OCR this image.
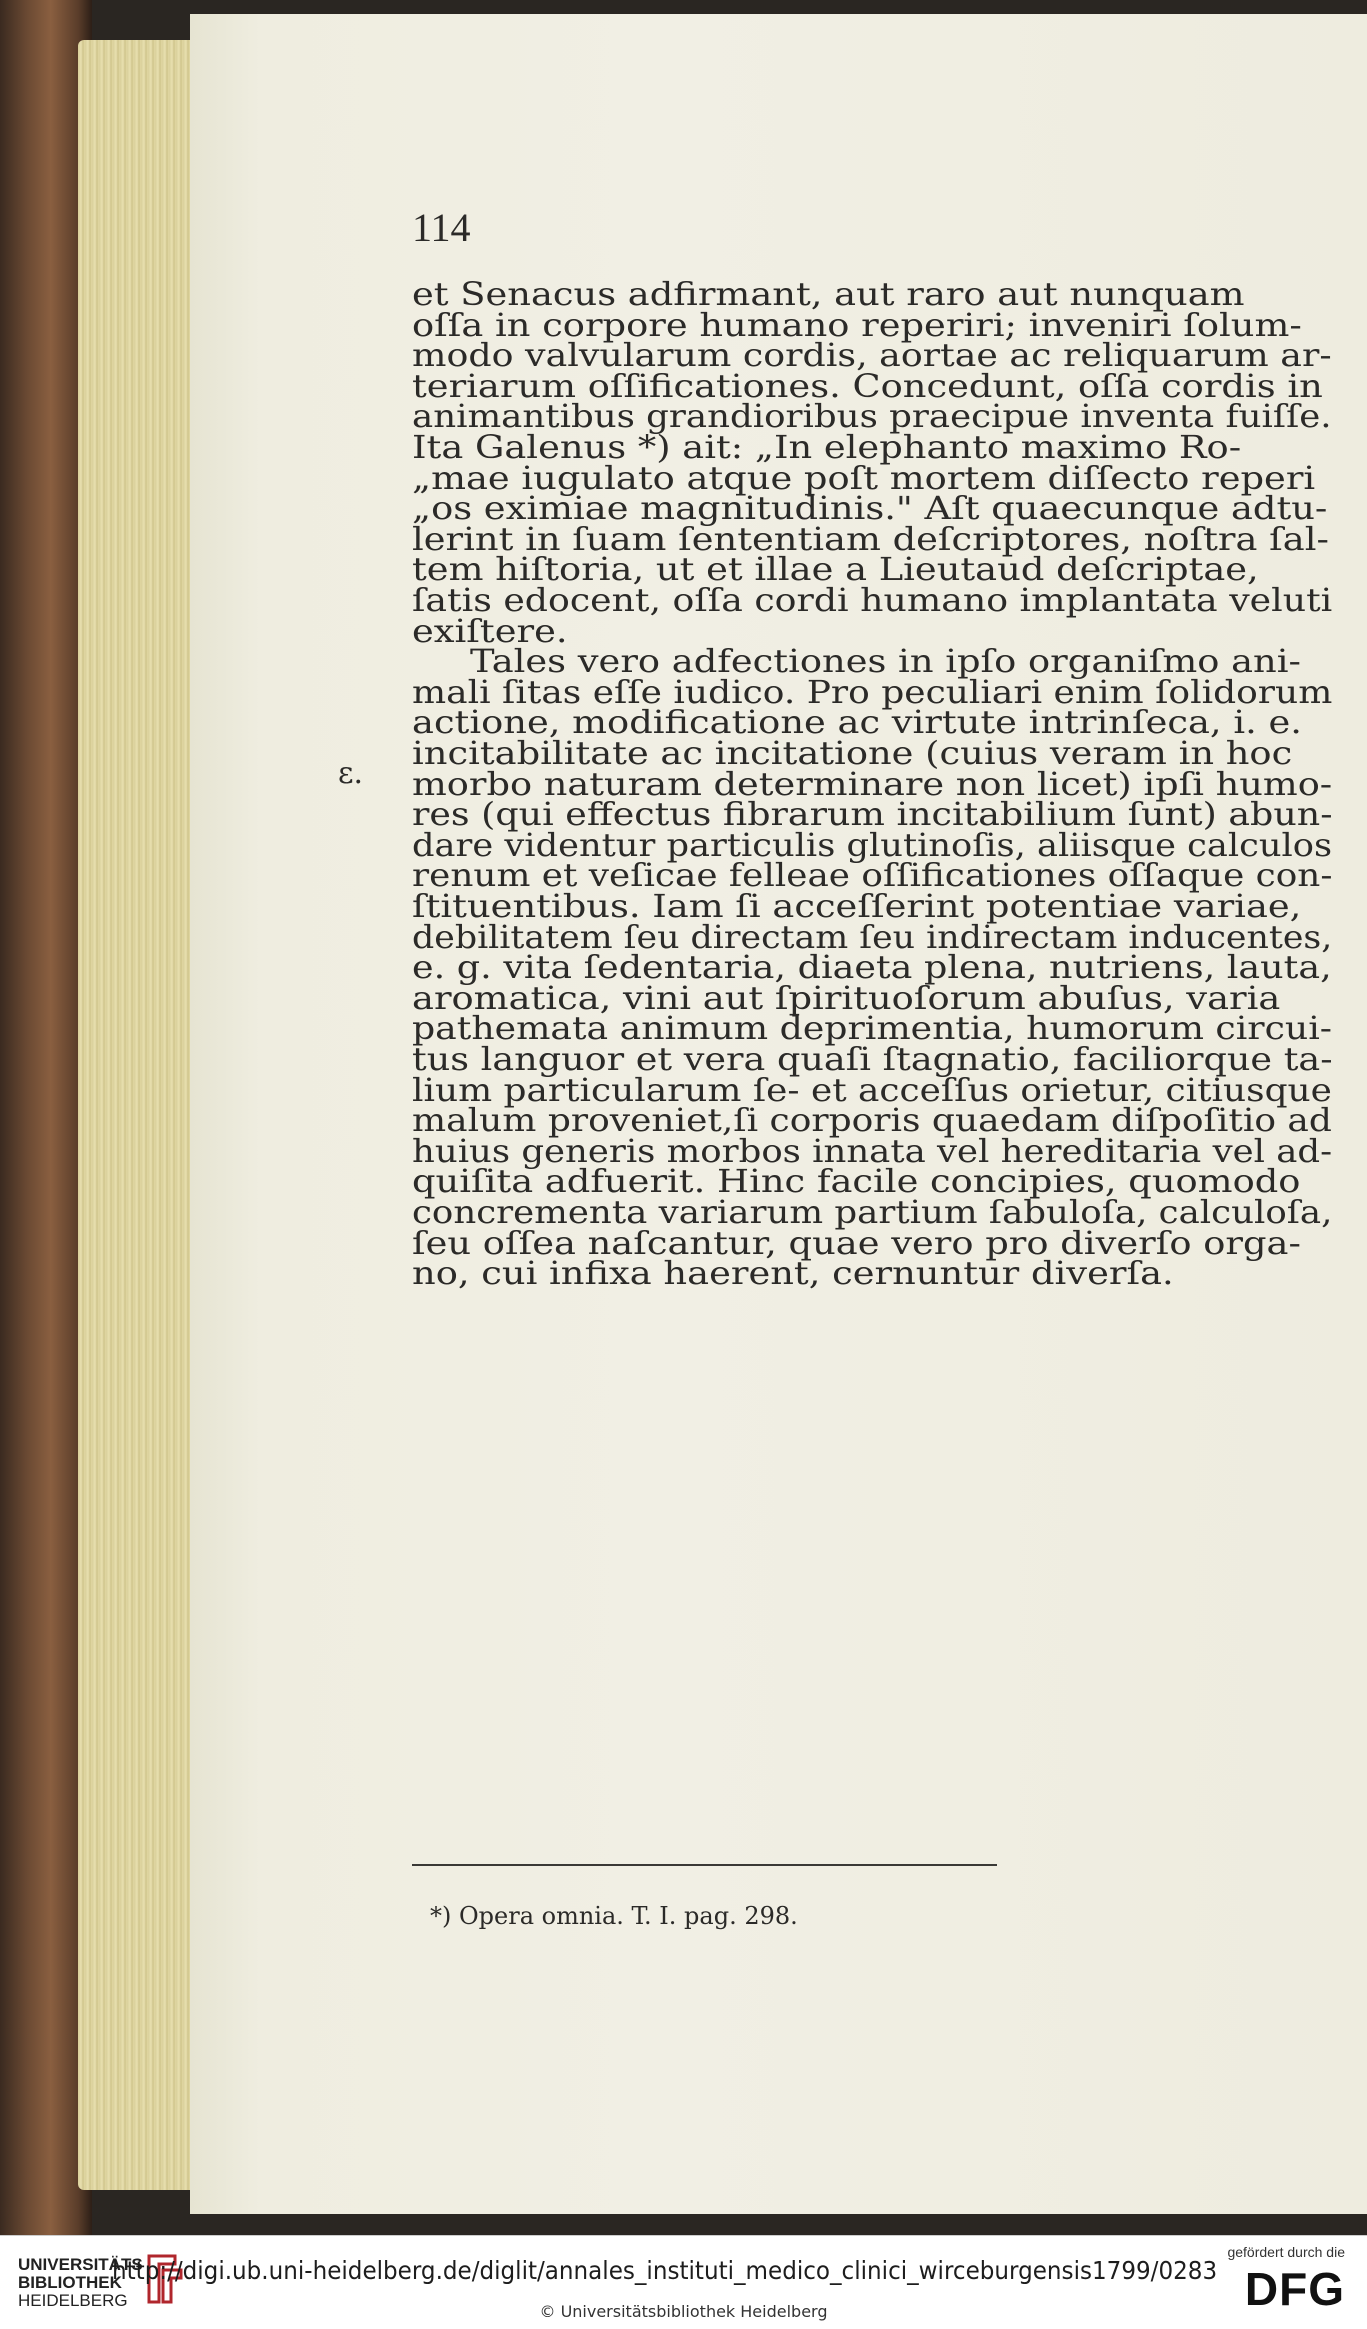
114
et Senacus adfirmant, aut raro aut nunquam
oſſa in corpore humano reperiri; inveniri ſolum-
modo valvularum cordis, aortae ac reliquarum ar-
teriarum oſſificationes. Concedunt, oſſa cordis in
animantibus grandioribus praecipue inventa fuiſſe.
Ita Galenus *) ait: „In elephanto maximo Ro-
„mae iugulato atque poſt mortem diſſecto reperi
„os eximiae magnitudinis." Aſt quaecunque adtu-
lerint in ſuam ſententiam deſcriptores, noſtra ſal-
tem hiſtoria, ut et illae a Lieutaud deſcriptae,
ſatis edocent, oſſa cordi humano implantata veluti
exiſtere.
Tales vero adfectiones in ipſo organiſmo ani-
mali ſitas eſſe iudico. Pro peculiari enim ſolidorum
actione, modificatione ac virtute intrinſeca, i. e.
incitabilitate ac incitatione (cuius veram in hoc
morbo naturam determinare non licet) ipſi humo-
res (qui effectus fibrarum incitabilium ſunt) abun-
dare videntur particulis glutinoſis, aliisque calculos
renum et veſicae felleae oſſificationes oſſaque con-
ſtituentibus. Iam ſi acceſſerint potentiae variae,
debilitatem ſeu directam ſeu indirectam inducentes,
e. g. vita ſedentaria, diaeta plena, nutriens, lauta,
aromatica, vini aut ſpirituoſorum abuſus, varia
pathemata animum deprimentia, humorum circui-
tus languor et vera quaſi ſtagnatio, faciliorque ta-
lium particularum ſe- et acceſſus orietur, citiusque
malum proveniet,ſi corporis quaedam diſpoſitio ad
huius generis morbos innata vel hereditaria vel ad-
quiſita adfuerit. Hinc facile concipies, quomodo
concrementa variarum partium ſabuloſa, calculoſa,
ſeu oſſea naſcantur, quae vero pro diverſo orga-
no, cui infixa haerent, cernuntur diverſa.
*) Opera omnia. T. I. pag. 298.
ɛ.
UNIVERSITÄTS
BIBLIOTHEK
HEIDELBERG
http://digi.ub.uni-heidelberg.de/diglit/annales_instituti_medico_clinici_wirceburgensis1799/0283
© Universitätsbibliothek Heidelberg
gefördert durch die
DFG
